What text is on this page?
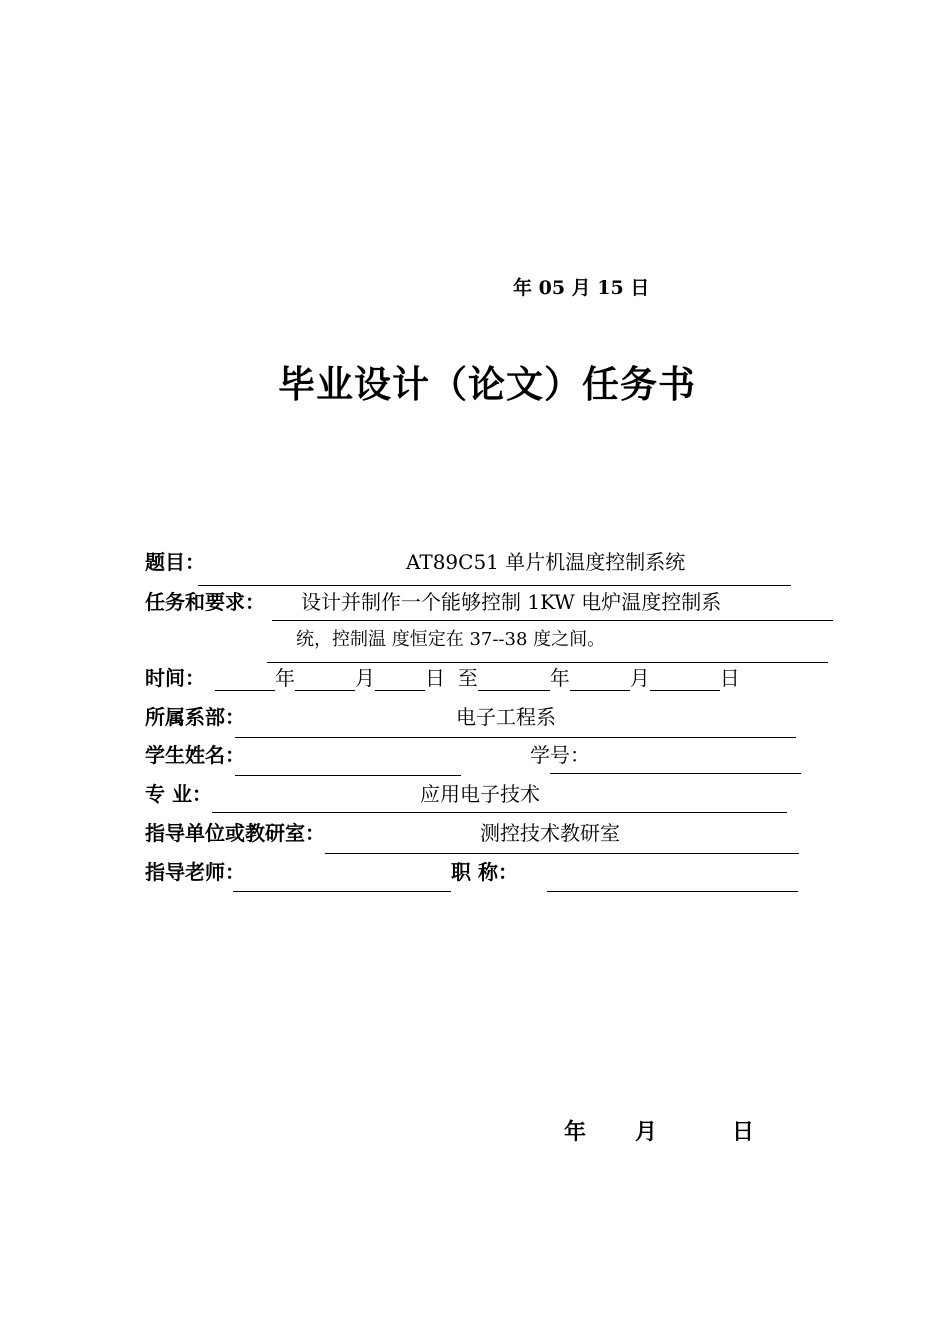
年 05 月 15 日
毕业设计（论文）任务书
题目：	AT89C51 单片机温度控制系统
任务和要求： 设计并制作一个能够控制 1KW 电炉温度控制系
统，控制温 度恒定在 37--38 度之间。
时间：	年	月	日 至	年	月	日
所属系部：	电子工程系
学生姓名：	学号：
专 业：	应用电子技术
指导单位或教研室：	测控技术教研室
指导老师：	职 称：
年 月	日
